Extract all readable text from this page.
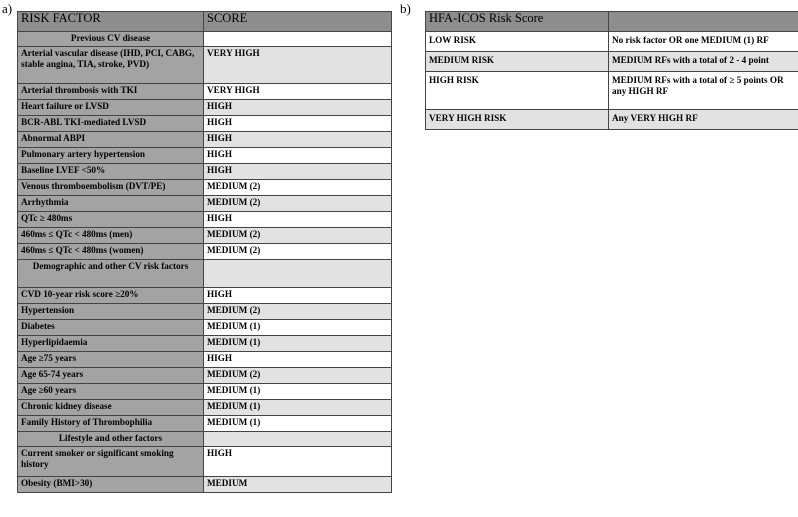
a)	b)
RISK FACTOR	SCORE
Previous CV disease	
Arterial vascular disease (IHD, PCI, CABG, stable angina, TIA, stroke, PVD)	VERY HIGH
Arterial thrombosis with TKI	VERY HIGH
Heart failure or LVSD	HIGH
BCR-ABL TKI-mediated LVSD	HIGH
Abnormal ABPI	HIGH
Pulmonary artery hypertension	HIGH
Baseline LVEF <50%	HIGH
Venous thromboembolism (DVT/PE)	MEDIUM (2)
Arrhythmia	MEDIUM (2)
QTc ≥ 480ms	HIGH
460ms ≤ QTc < 480ms (men)	MEDIUM (2)
460ms ≤ QTc < 480ms (women)	MEDIUM (2)
Demographic and other CV risk factors	
CVD 10-year risk score ≥20%	HIGH
Hypertension	MEDIUM (2)
Diabetes	MEDIUM (1)
Hyperlipidaemia	MEDIUM (1)
Age ≥75 years	HIGH
Age 65-74 years	MEDIUM (2)
Age ≥60 years	MEDIUM (1)
Chronic kidney disease	MEDIUM (1)
Family History of Thrombophilia	MEDIUM (1)
Lifestyle and other factors	
Current smoker or significant smoking history	HIGH
Obesity (BMI>30)	MEDIUM
HFA-ICOS Risk Score	
LOW RISK	No risk factor OR one MEDIUM (1) RF
MEDIUM RISK	MEDIUM RFs with a total of 2 - 4 point
HIGH RISK	MEDIUM RFs with a total of ≥ 5 points OR any HIGH RF
VERY HIGH RISK	Any VERY HIGH RF
